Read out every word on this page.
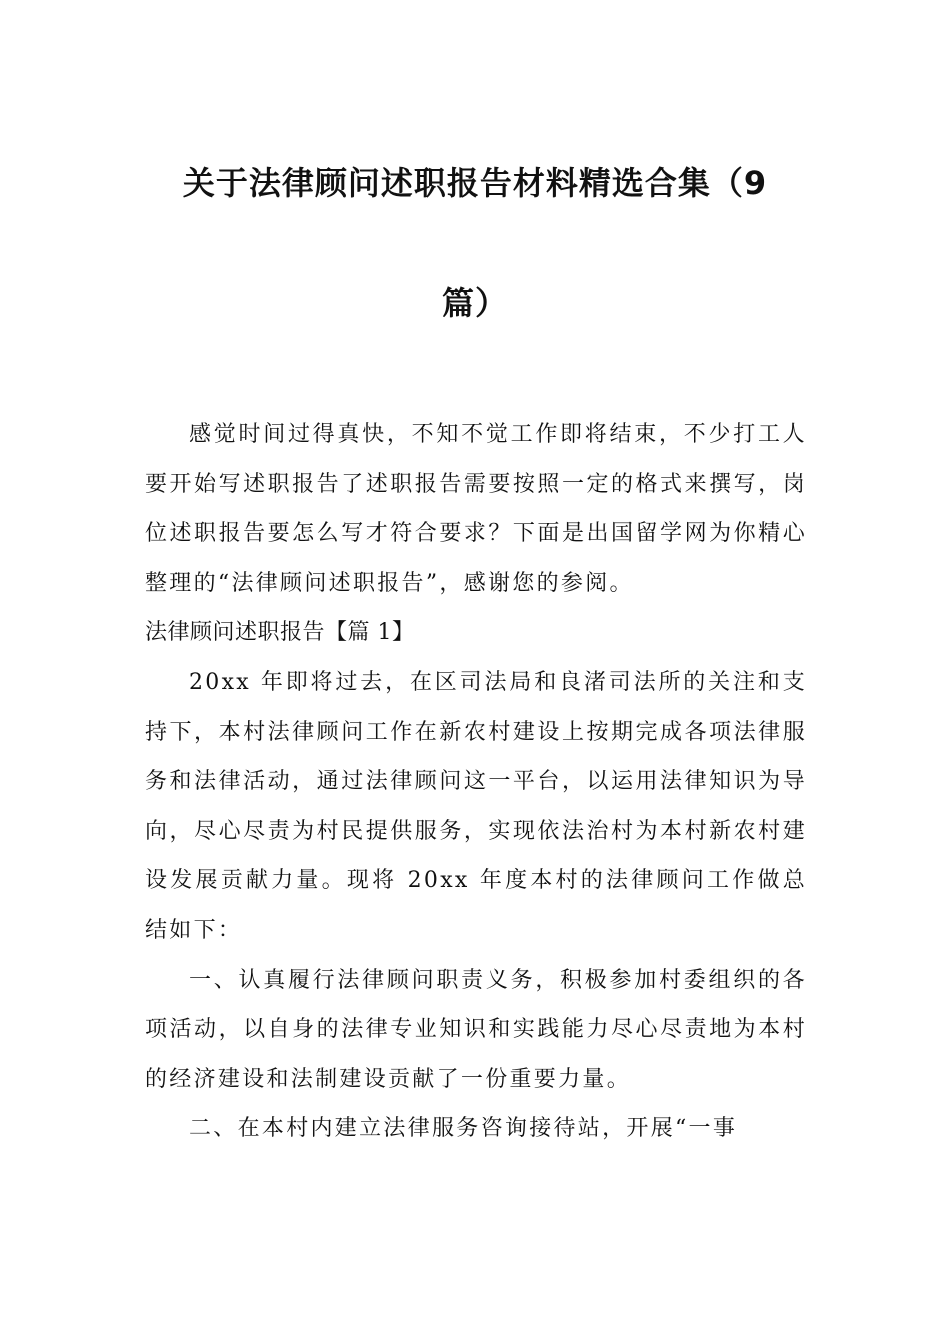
关于法律顾问述职报告材料精选合集（9
篇）

感觉时间过得真快，不知不觉工作即将结束，不少打工人要开始写述职报告了述职报告需要按照一定的格式来撰写，岗位述职报告要怎么写才符合要求？下面是出国留学网为你精心整理的“法律顾问述职报告”，感谢您的参阅。

法律顾问述职报告【篇 1】

20xx 年即将过去，在区司法局和良渚司法所的关注和支持下，本村法律顾问工作在新农村建设上按期完成各项法律服务和法律活动，通过法律顾问这一平台，以运用法律知识为导向，尽心尽责为村民提供服务，实现依法治村为本村新农村建设发展贡献力量。现将 20xx 年度本村的法律顾问工作做总结如下：

一、认真履行法律顾问职责义务，积极参加村委组织的各项活动，以自身的法律专业知识和实践能力尽心尽责地为本村的经济建设和法制建设贡献了一份重要力量。

二、在本村内建立法律服务咨询接待站，开展“一事
